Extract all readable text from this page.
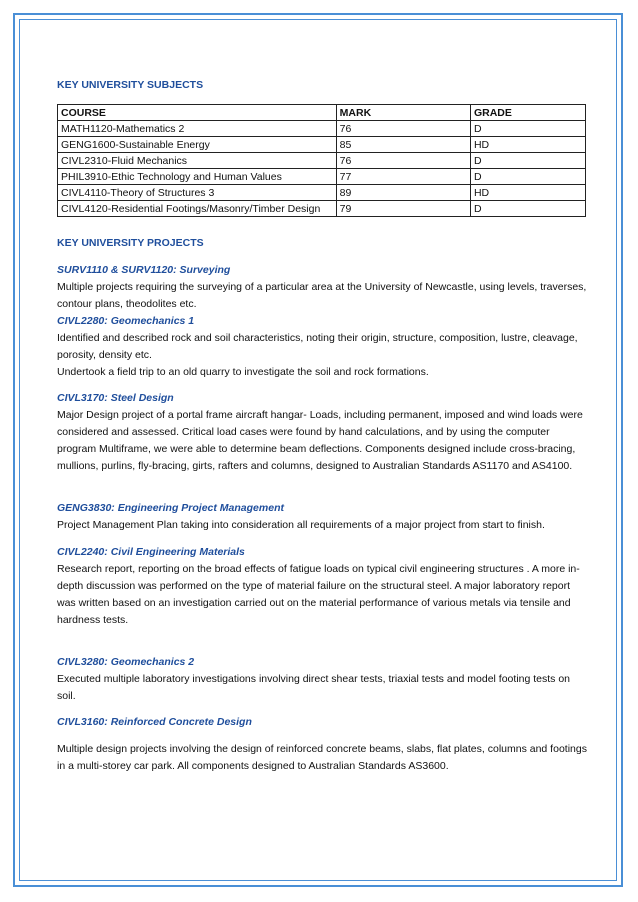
KEY UNIVERSITY SUBJECTS
COURSE	MARK	GRADE
MATH1120-Mathematics 2	76	D
GENG1600-Sustainable Energy	85	HD
CIVL2310-Fluid Mechanics	76	D
PHIL3910-Ethic Technology and Human Values	77	D
CIVL4110-Theory of Structures 3	89	HD
CIVL4120-Residential Footings/Masonry/Timber Design	79	D
KEY UNIVERSITY PROJECTS
SURV1110 & SURV1120: Surveying

Multiple projects requiring the surveying of a particular area at the University of Newcastle, using levels, traverses, contour plans, theodolites etc.

CIVL2280: Geomechanics 1

Identified and described rock and soil characteristics, noting their origin, structure, composition, lustre, cleavage, porosity, density etc.

Undertook a field trip to an old quarry to investigate the soil and rock formations.

CIVL3170: Steel Design

Major Design project of a portal frame aircraft hangar- Loads, including permanent, imposed and wind loads were considered and assessed. Critical load cases were found by hand calculations, and by using the computer program Multiframe, we were able to determine beam deflections. Components designed include cross-bracing, mullions, purlins, fly-bracing, girts, rafters and columns, designed to Australian Standards AS1170 and AS4100.

GENG3830: Engineering Project Management

Project Management Plan taking into consideration all requirements of a major project from start to finish.

CIVL2240: Civil Engineering Materials

Research report, reporting on the broad effects of fatigue loads on typical civil engineering structures . A more in- depth discussion was performed on the type of material failure on the structural steel. A major laboratory report was written based on an investigation carried out on the material performance of various metals via tensile and hardness tests.

CIVL3280: Geomechanics 2

Executed multiple laboratory investigations involving direct shear tests, triaxial tests and model footing tests on soil.

CIVL3160: Reinforced Concrete Design

Multiple design projects involving the design of reinforced concrete beams, slabs, flat plates, columns and footings in a multi-storey car park. All components designed to Australian Standards AS3600.
